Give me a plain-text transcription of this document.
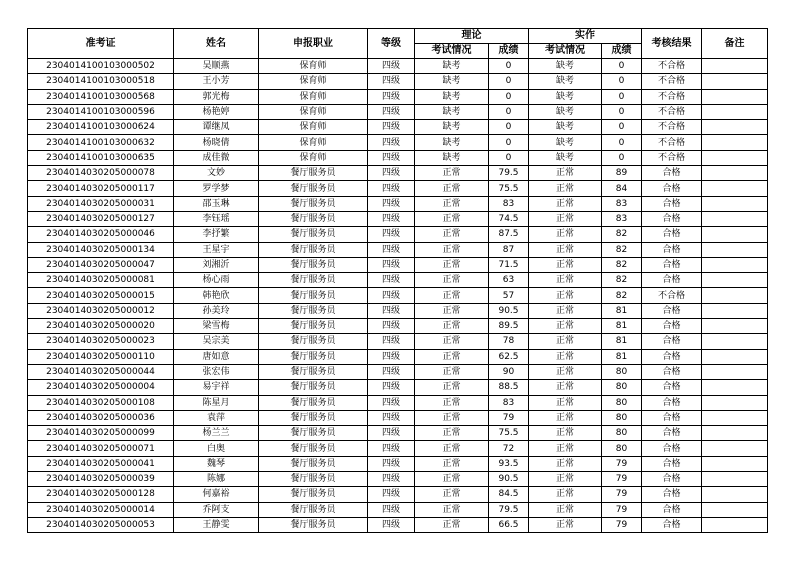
准考证	姓名	申报职业	等级	理论		实作		考核结果	备注
				考试情况	成绩	考试情况	成绩		
2304014100103000502	吴顺燕	保育师	四级	缺考	0	缺考	0	不合格	
2304014100103000518	王小芳	保育师	四级	缺考	0	缺考	0	不合格	
2304014100103000568	郭光梅	保育师	四级	缺考	0	缺考	0	不合格	
2304014100103000596	杨艳婷	保育师	四级	缺考	0	缺考	0	不合格	
2304014100103000624	谭继凤	保育师	四级	缺考	0	缺考	0	不合格	
2304014100103000632	杨晓倩	保育师	四级	缺考	0	缺考	0	不合格	
2304014100103000635	成佳微	保育师	四级	缺考	0	缺考	0	不合格	
2304014030205000078	文妙	餐厅服务员	四级	正常	79.5	正常	89	合格	
2304014030205000117	罗学梦	餐厅服务员	四级	正常	75.5	正常	84	合格	
2304014030205000031	邵玉琳	餐厅服务员	四级	正常	83	正常	83	合格	
2304014030205000127	李钰瑶	餐厅服务员	四级	正常	74.5	正常	83	合格	
2304014030205000046	李抒繁	餐厅服务员	四级	正常	87.5	正常	82	合格	
2304014030205000134	王星宇	餐厅服务员	四级	正常	87	正常	82	合格	
2304014030205000047	刘湘沂	餐厅服务员	四级	正常	71.5	正常	82	合格	
2304014030205000081	杨心雨	餐厅服务员	四级	正常	63	正常	82	合格	
2304014030205000015	韩艳欣	餐厅服务员	四级	正常	57	正常	82	不合格	
2304014030205000012	孙美玲	餐厅服务员	四级	正常	90.5	正常	81	合格	
2304014030205000020	梁雪梅	餐厅服务员	四级	正常	89.5	正常	81	合格	
2304014030205000023	吴宗美	餐厅服务员	四级	正常	78	正常	81	合格	
2304014030205000110	唐如意	餐厅服务员	四级	正常	62.5	正常	81	合格	
2304014030205000044	张宏伟	餐厅服务员	四级	正常	90	正常	80	合格	
2304014030205000004	易宇祥	餐厅服务员	四级	正常	88.5	正常	80	合格	
2304014030205000108	陈星月	餐厅服务员	四级	正常	83	正常	80	合格	
2304014030205000036	袁萍	餐厅服务员	四级	正常	79	正常	80	合格	
2304014030205000099	杨兰兰	餐厅服务员	四级	正常	75.5	正常	80	合格	
2304014030205000071	白奥	餐厅服务员	四级	正常	72	正常	80	合格	
2304014030205000041	魏琴	餐厅服务员	四级	正常	93.5	正常	79	合格	
2304014030205000039	陈娜	餐厅服务员	四级	正常	90.5	正常	79	合格	
2304014030205000128	何嘉裕	餐厅服务员	四级	正常	84.5	正常	79	合格	
2304014030205000014	乔阿支	餐厅服务员	四级	正常	79.5	正常	79	合格	
2304014030205000053	王静雯	餐厅服务员	四级	正常	66.5	正常	79	合格	
